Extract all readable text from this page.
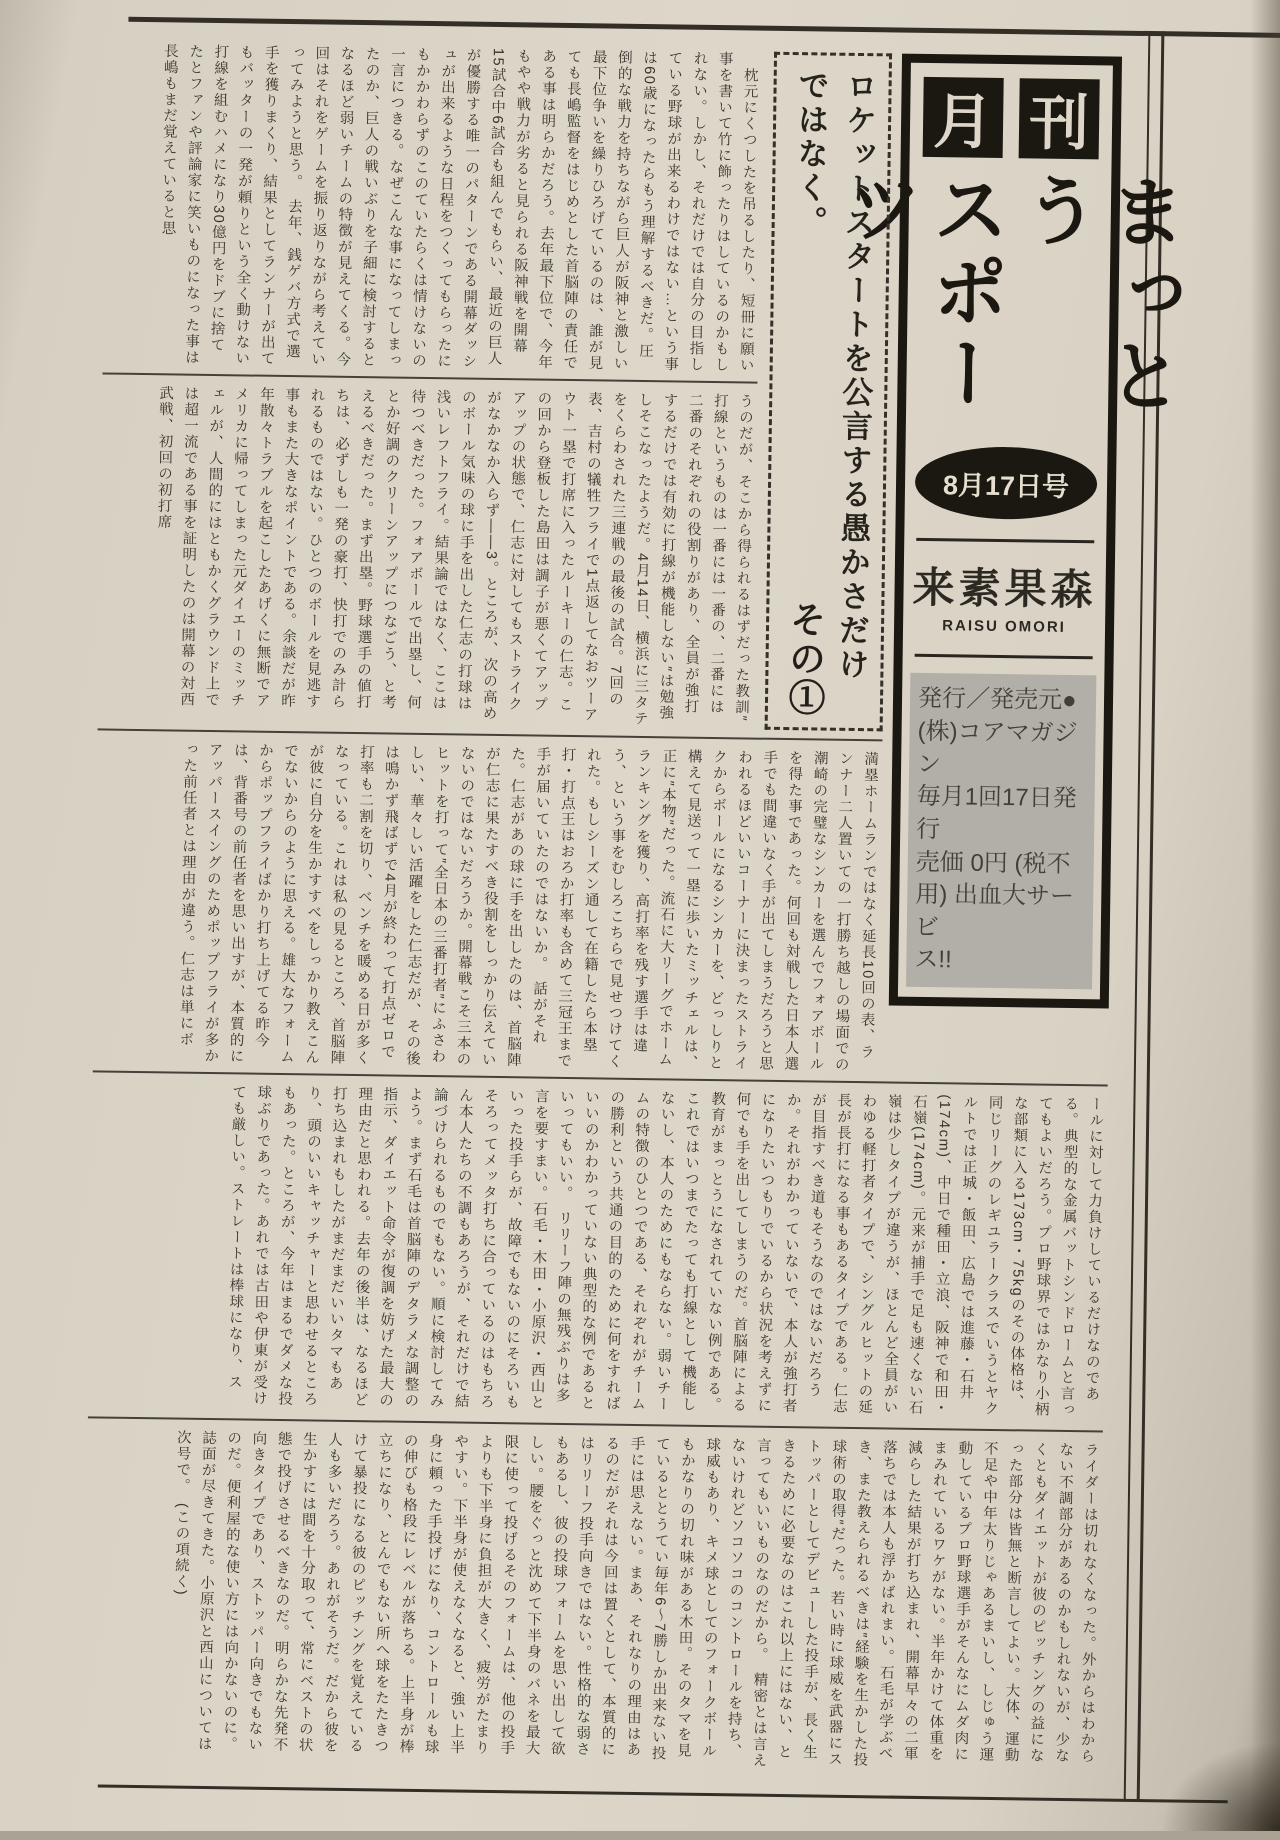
　枕元にくつしたを吊るしたり、短冊に願い事を書いて竹に飾ったりはしているのかもしれない。しかし、それだけでは自分の目指している野球が出来るわけではない…という事は60歳になったらもう理解するべきだ。圧倒的な戦力を持ちながら巨人が阪神と激しい最下位争いを繰りひろげているのは、誰が見ても長嶋監督をはじめとした首脳陣の責任である事は明らかだろう。去年最下位で、今年もやや戦力が劣ると見られる阪神戦を開幕15試合中6試合も組んでもらい、最近の巨人が優勝する唯一のパターンである開幕ダッシュが出来るような日程をつくってもらったにもかかわらずのこのていたらくは情けないの一言につきる。なぜこんな事になってしまったのか、巨人の戦いぶりを子細に検討するとなるほど弱いチームの特徴が見えてくる。今回はそれをゲームを振り返りながら考えていってみようと思う。　去年、銭ゲバ方式で選手を獲りまくり、結果としてランナーが出てもバッターの一発が頼りという全く動けない打線を組むハメになり30億円をドブに捨てたとファンや評論家に笑いものになった事は長嶋もまだ覚えていると思
うのだが、そこから得られるはずだった教訓″打線というものは一番には一番の、二番には二番のそれぞれの役割りがあり、全員が強打するだけでは有効に打線が機能しない″は勉強しそこなったようだ。4月14日、横浜に三タテをくらわされた三連戦の最後の試合。7回の表、吉村の犠牲フライで1点返してなおツーアウト一塁で打席に入ったルーキーの仁志。この回から登板した島田は調子が悪くてアップアップの状態で、仁志に対してもストライクがなかなか入らず――3。ところが、次の高めのボール気味の球に手を出した仁志の打球は浅いレフトフライ。結果論ではなく、ここは待つべきだった。フォアボールで出塁し、何とか好調のクリーンアップにつなごう、と考えるべきだった。まず出塁。野球選手の値打ちは、必ずしも一発の豪打、快打でのみ計られるものではない。ひとつのボールを見逃す事もまた大きなポイントである。余談だが昨年散々トラブルを起こしたあげくに無断でアメリカに帰ってしまった元ダイエーのミッチェルが、人間的にはともかくグラウンド上では超一流である事を証明したのは開幕の対西武戦、初回の初打席	ロケットスタートを公言する愚かさだけではなく。
その①
満塁ホームランではなく延長10回の表、ランナー二人置いての一打勝ち越しの場面での潮崎の完璧なシンカーを選んでフォアボールを得た事であった。何回も対戦した日本人選手でも間違いなく手が出てしまうだろうと思われるほどいいコーナーに決まったストライクからボールになるシンカーを、どっしりと構えて見送って一塁に歩いたミッチェルは、正に″本物″だった。流石に大リーグでホームランキングを獲り、高打率を残す選手は違う、という事をむしろこちらで見せつけてくれた。もしシーズン通して在籍したら本塁打・打点王はおろか打率も含めて三冠王まで手が届いていたのではないか。　話がそれた。仁志があの球に手を出したのは、首脳陣が仁志に果たすべき役割をしっかり伝えていないのではないだろうか。開幕戦こそ三本のヒットを打って″全日本の三番打者″にふさわしい、華々しい活躍をした仁志だが、その後は鳴かず飛ばずで4月が終わって打点ゼロで打率も二割を切り、ベンチを暖める日が多くなっている。これは私の見るところ、首脳陣が彼に自分を生かすすべをしっかり教えこんでないからのように思える。雄大なフォームからポップフライばかり打ち上げてる昨今は、背番号の前任者を思い出すが、本質的にアッパースイングのためポップフライが多かった前任者とは理由が違う。仁志は単にボ
月 刊
まっとう
スポーツ
8月17日号
来素果森
RAISU OMORI
発行／発売元●
(株)コアマガジン
毎月1回17日発行
売価 0円 (税不
用) 出血大サービ
ス!!
ールに対して力負けしているだけなのである。典型的な金属バットシンドロームと言ってもよいだろう。プロ野球界ではかなり小柄な部類に入る173cm・75kgのその体格は、同じリーグのレギユラークラスでいうとヤクルトでは正城・飯田、広島では進藤・石井(174cm)、中日で種田・立浪、阪神で和田・石嶺(174cm)。元来が捕手で足も速くない石嶺は少しタイプが違うが、ほとんど全員がいわゆる軽打者タイプで、シングルヒットの延長が長打になる事もあるタイプである。仁志が目指すべき道もそうなのではないだろうか。それがわかっていないで、本人が強打者になりたいつもりでいるから状況を考えずに何でも手を出してしまうのだ。首脳陣による教育がまっとうになされていない例である。これではいつまでたっても打線として機能しないし、本人のためにもならない。弱いチームの特徴のひとつである、それぞれがチームの勝利という共通の目的のために何をすればいいのかわかっていない典型的な例であるといってもいい。　リリーフ陣の無残ぶりは多言を要すまい。石毛・木田・小原沢・西山といった投手らが、故障でもないのにそろいもそろってメッタ打ちに合っているのはもちろん本人たちの不調もあろうが、それだけで結論づけられるものでもない。順に検討してみよう。まず石毛は首脳陣のデタラメな調整の指示、ダイエット命令が復調を妨げた最大の理由だと思われる。去年の後半は、なるほど打ち込まれもしたがまだまだいいタマもあり、頭のいいキャッチャーと思わせるところもあった。ところが、今年はまるでダメな投球ぶりであった。あれでは古田や伊東が受けても厳しい。ストレートは棒球になり、ス
ライダーは切れなくなった。外からはわからない不調部分があるのかもしれないが、少なくともダイエットが彼のピッチングの益になった部分は皆無と断言してよい。大体、運動不足や中年太りじゃあるまいし、しじゅう運動しているプロ野球選手がそんなにムダ肉にまみれているワケがない。半年かけて体重を減らした結果が打ち込まれ、開幕早々の二軍落ちでは本人も浮かばれまい。石毛が学ぶべき、また教えられるべきは″経験を生かした投球術の取得″だった。若い時に球威を武器にストッパーとしてデビューした投手が、長く生きるために必要なのはこれ以上にはない、と言ってもいいものなのだから。　精密とは言えないけれどソコソコのコントロールを持ち、球威もあり、キメ球としてのフォークボールもかなりの切れ味がある木田。そのタマを見ているととうてい毎年6〜7勝しか出来ない投手には思えない。まあ、それなりの理由はあるのだがそれは今回は置くとして、本質的にはリリーフ投手向きではない。性格的な弱さもあるし、彼の投球フォームを思い出して欲しい。腰をぐっと沈めて下半身のバネを最大限に使って投げるそのフォームは、他の投手よりも下半身に負担が大きく、疲労がたまりやすい。下半身が使えなくなると、強い上半身に頼った手投げになり、コントロールも球の伸びも格段にレベルが落ちる。上半身が棒立ちになり、とんでもない所へ球をたたきつけて暴投になる彼のピッチングを覚えている人も多いだろう。あれがそうだ。だから彼を生かすには間を十分取って、常にベストの状態で投げさせるべきなのだ。明らかな先発不向きタイプであり、ストッパー向きでもないのだ。便利屋的な使い方には向かないのに。誌面が尽きてきた。小原沢と西山については次号で。　(この項続く)
